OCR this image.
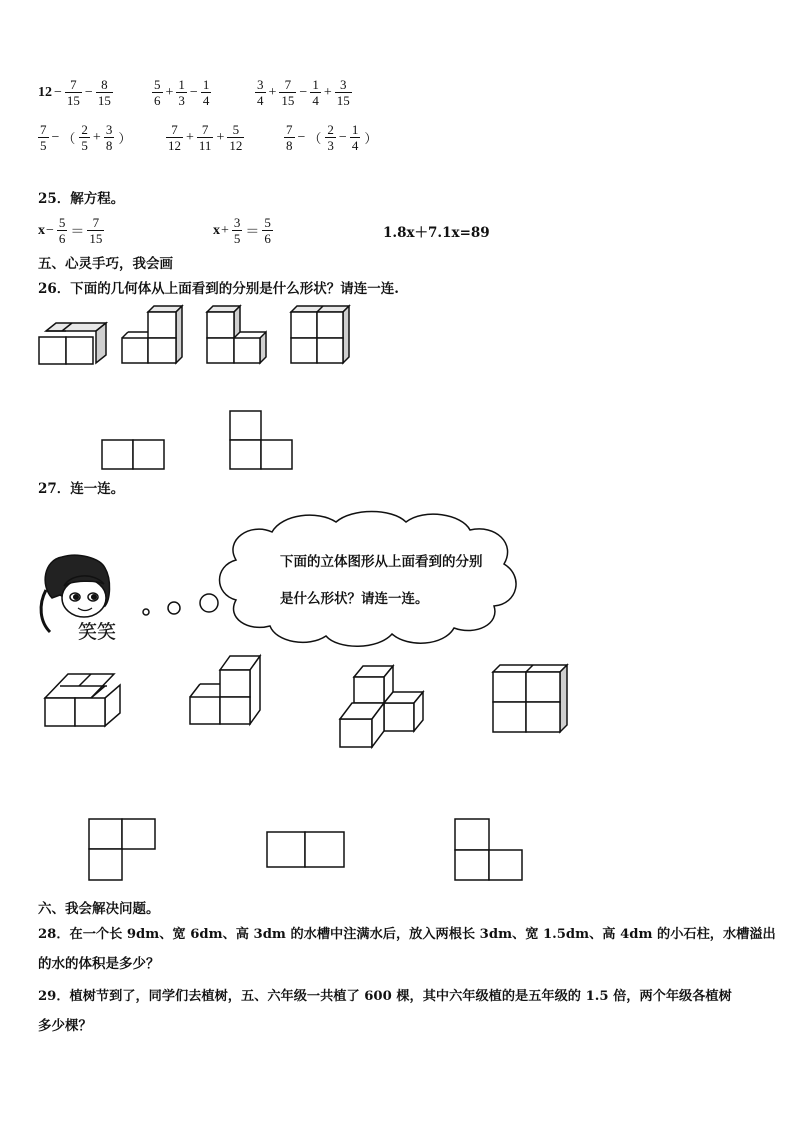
$12 - \frac{7}{15} - \frac{8}{15}$	$\frac{5}{6} + \frac{1}{3} - \frac{1}{4}$	$\frac{3}{4} + \frac{7}{15} - \frac{1}{4} + \frac{3}{15}$
$\frac{7}{5}$ − （ $\frac{2}{5} + \frac{3}{8}$ ）	$\frac{7}{12} + \frac{7}{11} + \frac{5}{12}$	$\frac{7}{8}$ − （ $\frac{2}{3} - \frac{1}{4}$ ）
25．解方程。
$x - \frac{5}{6} = \frac{7}{15}$	$x + \frac{3}{5} = \frac{5}{6}$	1.8x＋7.1x=89
五、心灵手巧，我会画
26．下面的几何体从上面看到的分别是什么形状？请连一连.
笑笑
27．连一连。
下面的立体图形从上面看到的分别
是什么形状？请连一连。
六、我会解决问题。
28．在一个长 9dm、宽 6dm、高 3dm 的水槽中注满水后，放入两根长 3dm、宽 1.5dm、高 4dm 的小石柱，水槽溢出
的水的体积是多少？
29．植树节到了，同学们去植树，五、六年级一共植了 600 棵，其中六年级植的是五年级的 1.5 倍，两个年级各植树
多少棵？
